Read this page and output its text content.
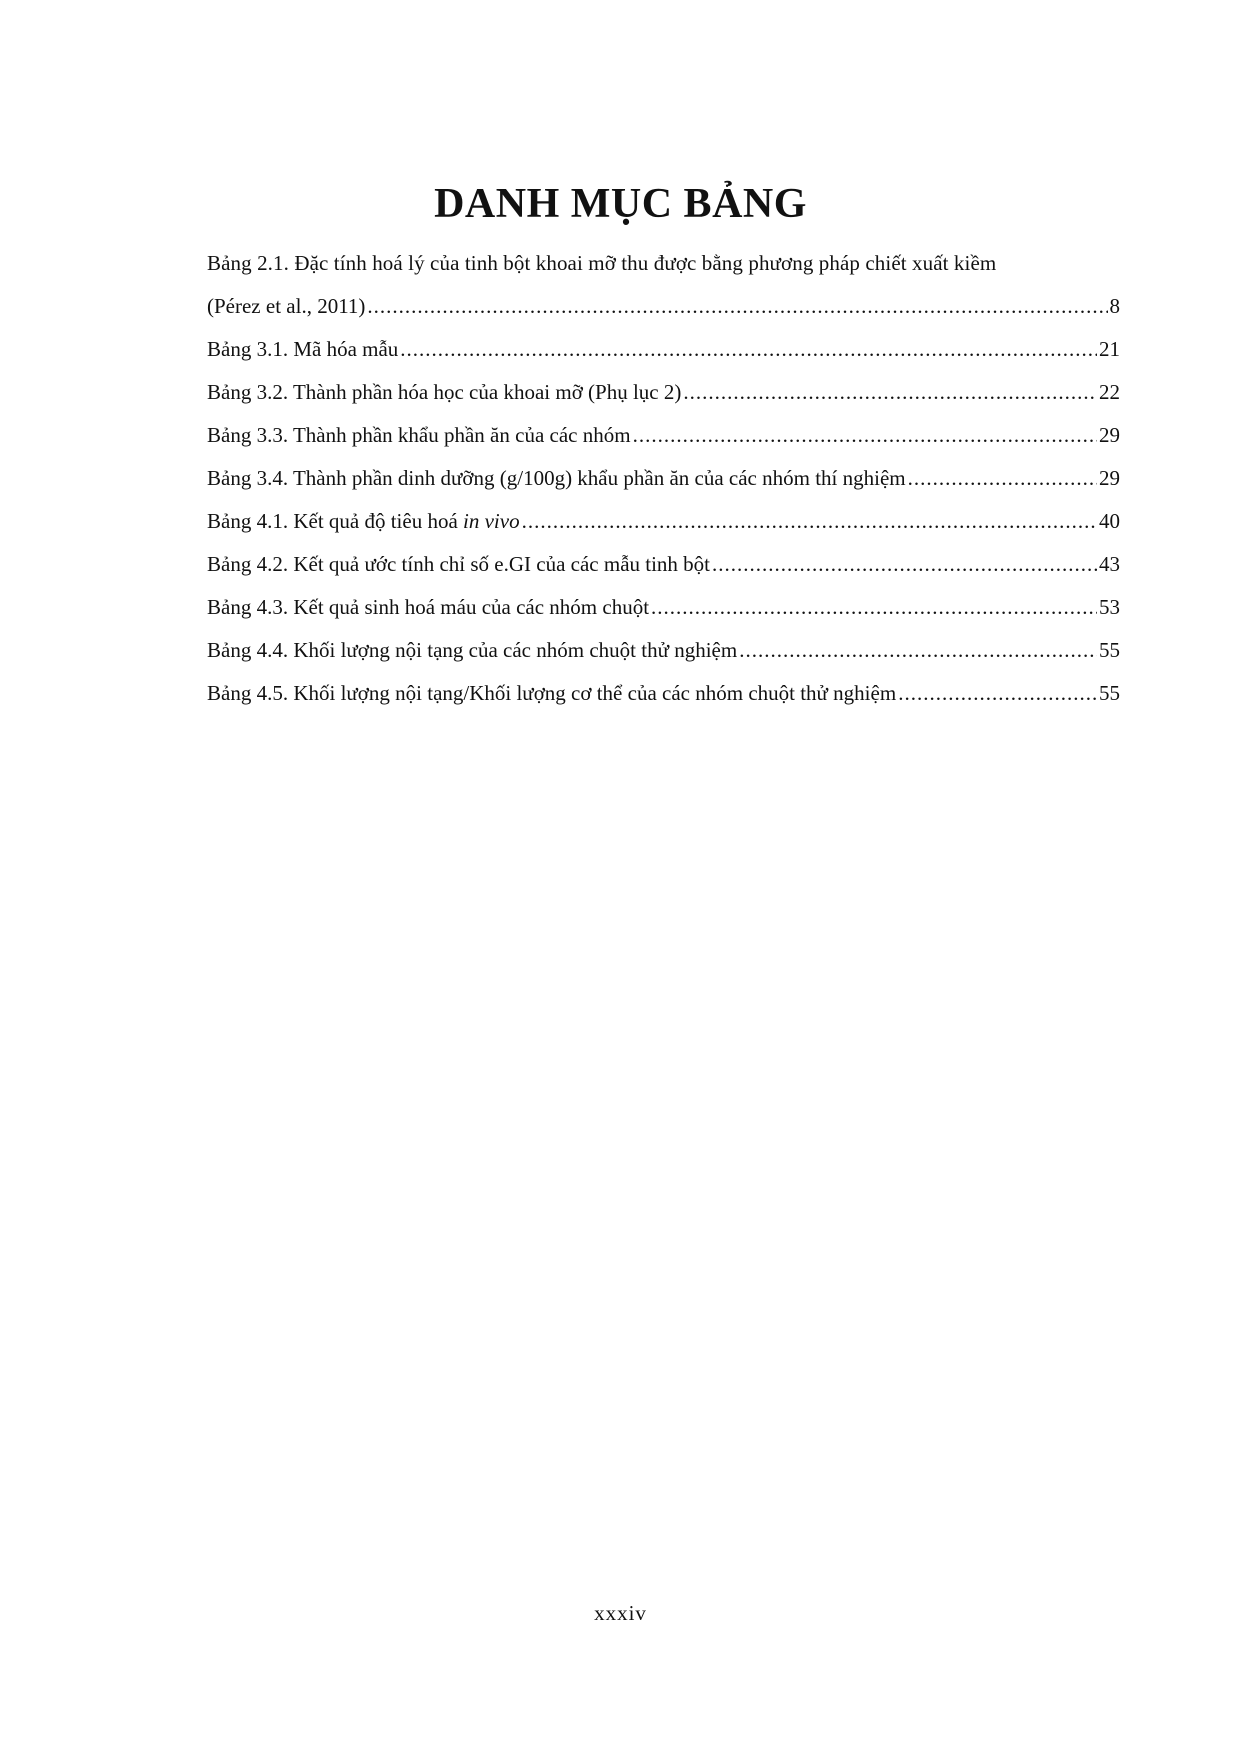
DANH MỤC BẢNG
Bảng 2.1. Đặc tính hoá lý của tinh bột khoai mỡ thu được bằng phương pháp chiết xuất kiềm
(Pérez et al., 2011) .....	8
Bảng 3.1. Mã hóa mẫu .....	21
Bảng 3.2. Thành phần hóa học của khoai mỡ (Phụ lục 2) .....	22
Bảng 3.3. Thành phần khẩu phần ăn của các nhóm .....	29
Bảng 3.4. Thành phần dinh dưỡng (g/100g) khẩu phần ăn của các nhóm thí nghiệm .....	29
Bảng 4.1. Kết quả độ tiêu hoá in vivo .....	40
Bảng 4.2. Kết quả ước tính chỉ số e.GI của các mẫu tinh bột .....	43
Bảng 4.3. Kết quả sinh hoá máu của các nhóm chuột .....	53
Bảng 4.4. Khối lượng nội tạng của các nhóm chuột thử nghiệm .....	55
Bảng 4.5. Khối lượng nội tạng/Khối lượng cơ thể của các nhóm chuột thử nghiệm .....	55
xxxiv
